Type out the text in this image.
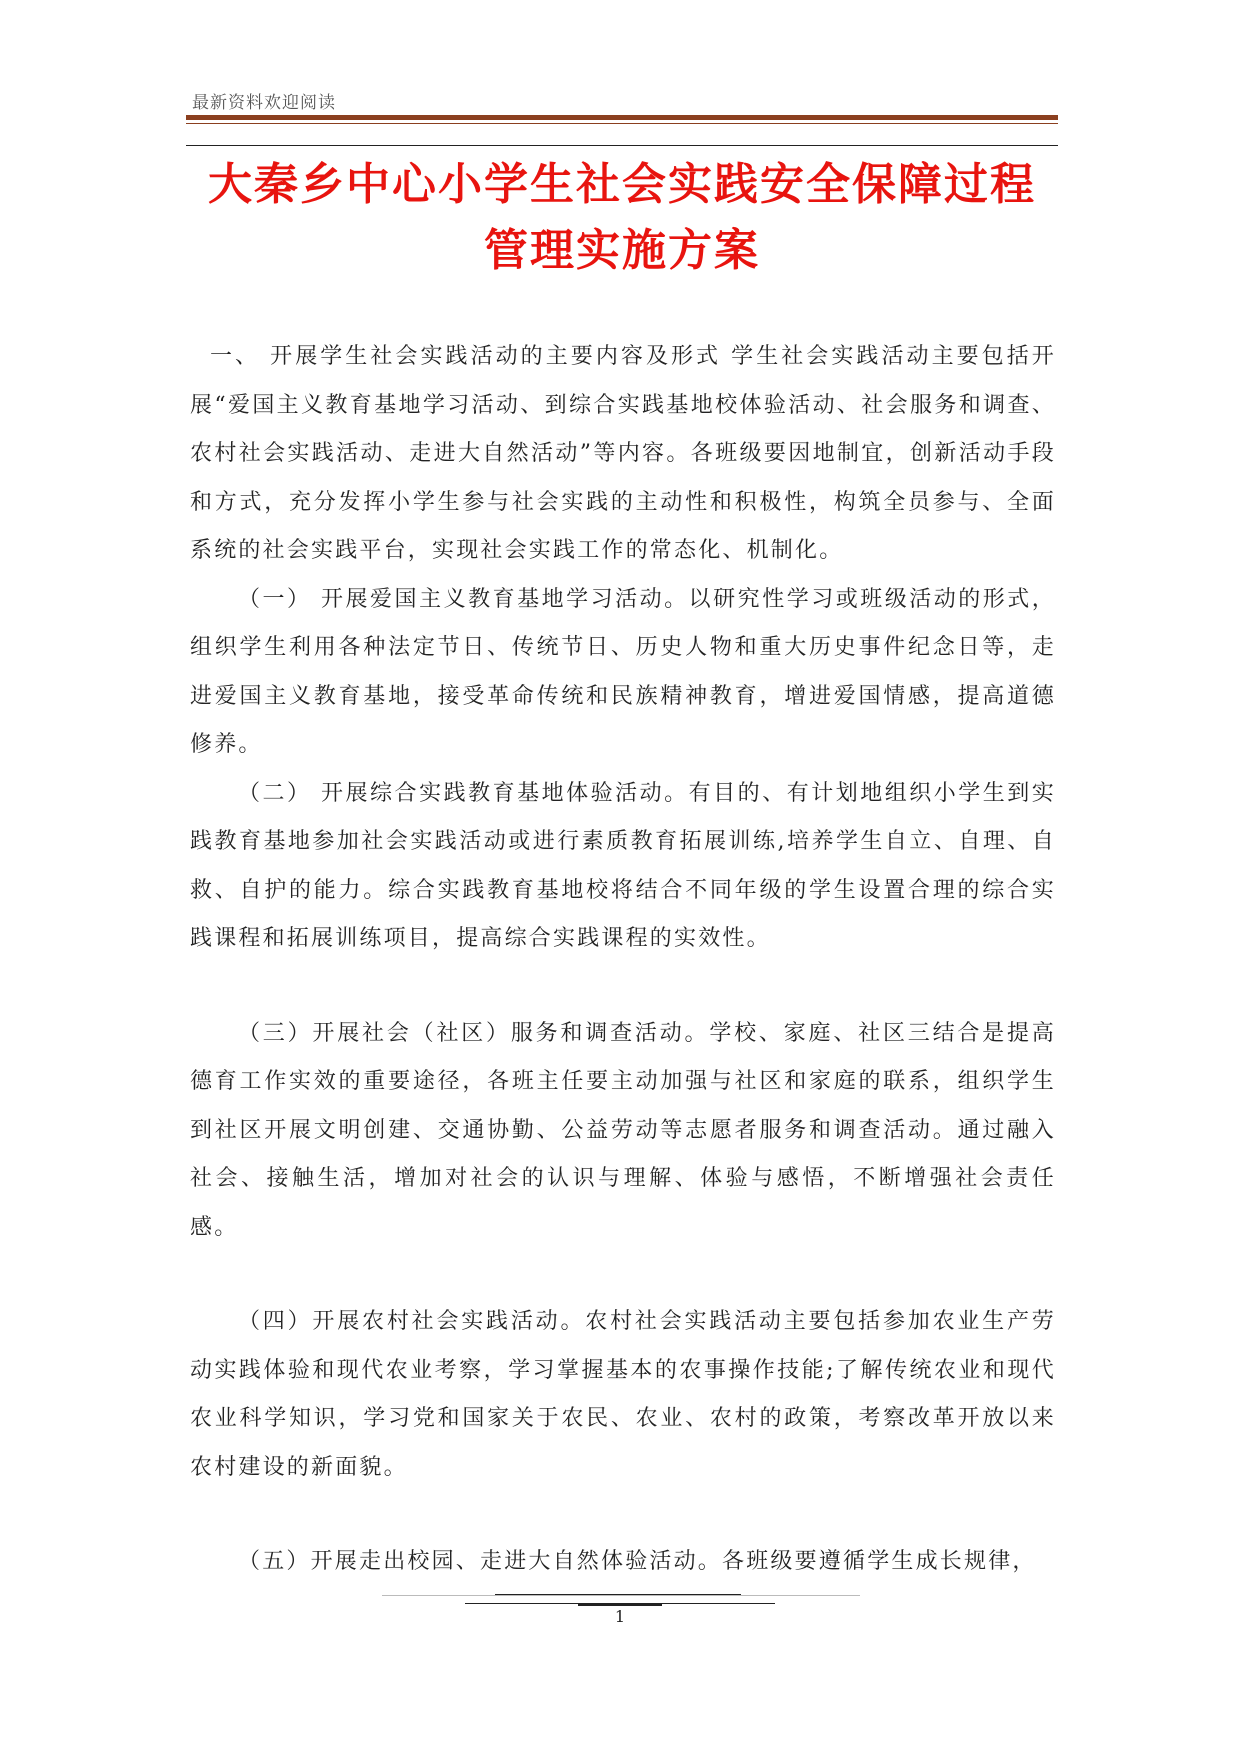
最新资料欢迎阅读
大秦乡中心小学生社会实践安全保障过程
管理实施方案

一、 开展学生社会实践活动的主要内容及形式 学生社会实践活动主要包括开展“爱国主义教育基地学习活动、到综合实践基地校体验活动、社会服务和调查、农村社会实践活动、走进大自然活动”等内容。各班级要因地制宜，创新活动手段和方式，充分发挥小学生参与社会实践的主动性和积极性，构筑全员参与、全面系统的社会实践平台，实现社会实践工作的常态化、机制化。

（一） 开展爱国主义教育基地学习活动。以研究性学习或班级活动的形式，组织学生利用各种法定节日、传统节日、历史人物和重大历史事件纪念日等，走进爱国主义教育基地，接受革命传统和民族精神教育，增进爱国情感，提高道德修养。

（二） 开展综合实践教育基地体验活动。有目的、有计划地组织小学生到实践教育基地参加社会实践活动或进行素质教育拓展训练,培养学生自立、自理、自救、自护的能力。综合实践教育基地校将结合不同年级的学生设置合理的综合实践课程和拓展训练项目，提高综合实践课程的实效性。

（三）开展社会（社区）服务和调查活动。学校、家庭、社区三结合是提高德育工作实效的重要途径，各班主任要主动加强与社区和家庭的联系，组织学生到社区开展文明创建、交通协勤、公益劳动等志愿者服务和调查活动。通过融入社会、接触生活，增加对社会的认识与理解、体验与感悟，不断增强社会责任感。

（四）开展农村社会实践活动。农村社会实践活动主要包括参加农业生产劳动实践体验和现代农业考察，学习掌握基本的农事操作技能;了解传统农业和现代农业科学知识，学习党和国家关于农民、农业、农村的政策，考察改革开放以来农村建设的新面貌。

（五）开展走出校园、走进大自然体验活动。各班级要遵循学生成长规律，

1
